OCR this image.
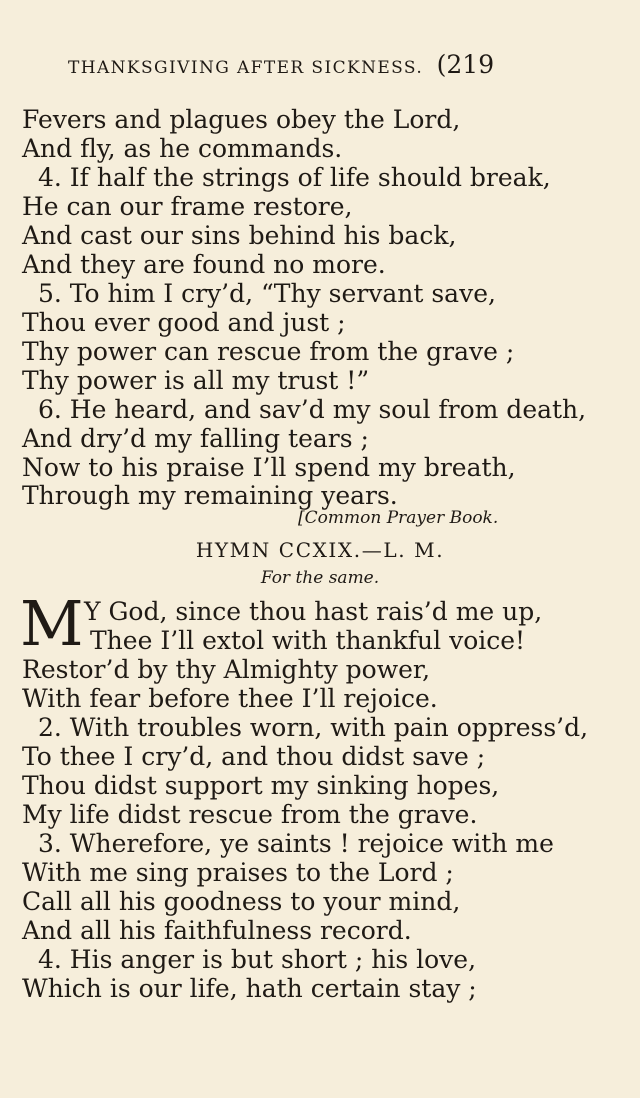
THANKSGIVING AFTER SICKNESS. (219
Fevers and plagues obey the Lord,
And fly, as he commands.
4. If half the strings of life should break,
He can our frame restore,
And cast our sins behind his back,
And they are found no more.
5. To him I cry’d, “Thy servant save,
Thou ever good and just ;
Thy power can rescue from the grave ;
Thy power is all my trust !”
6. He heard, and sav’d my soul from death,
And dry’d my falling tears ;
Now to his praise I’ll spend my breath,
Through my remaining years.
[Common Prayer Book.
HYMN CCXIX.—L. M.
For the same.
M Y God, since thou hast rais’d me up,
Thee I’ll extol with thankful voice!
Restor’d by thy Almighty power,
With fear before thee I’ll rejoice.
2. With troubles worn, with pain oppress’d,
To thee I cry’d, and thou didst save ;
Thou didst support my sinking hopes,
My life didst rescue from the grave.
3. Wherefore, ye saints ! rejoice with me
With me sing praises to the Lord ;
Call all his goodness to your mind,
And all his faithfulness record.
4. His anger is but short ; his love,
Which is our life, hath certain stay ;
